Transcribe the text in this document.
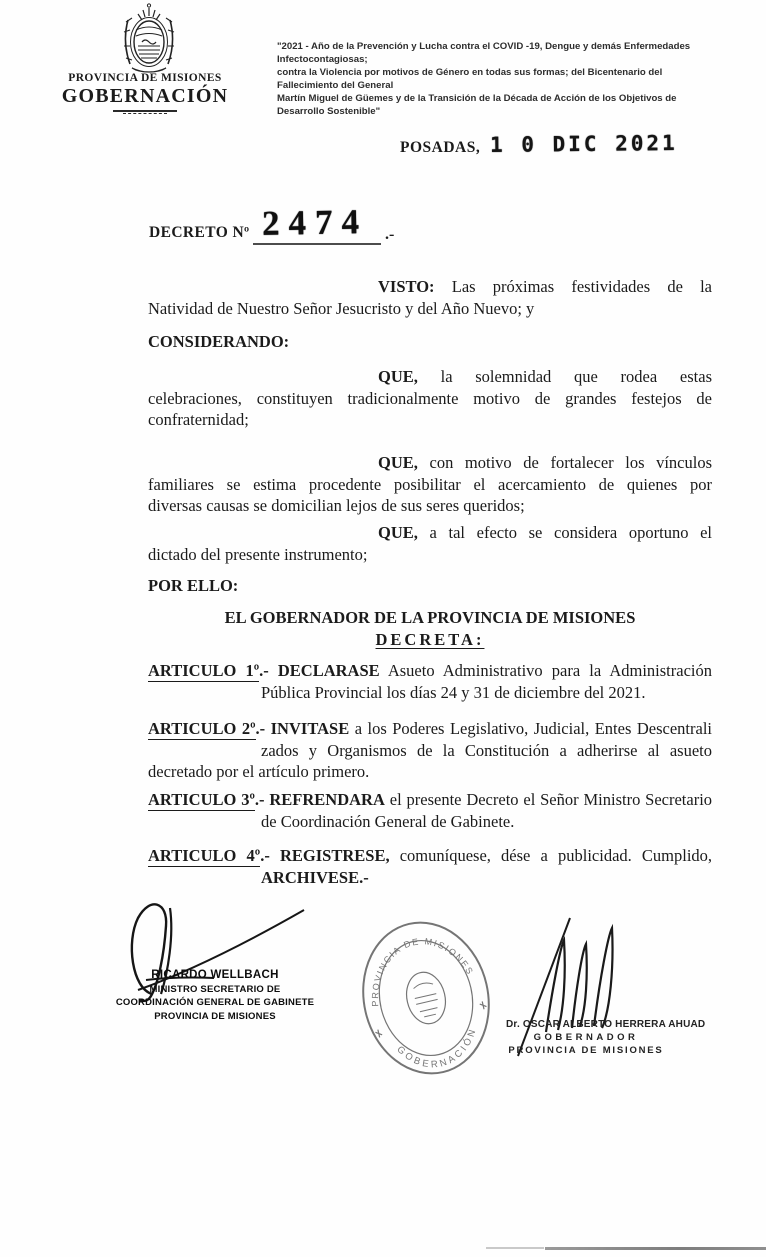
PROVINCIA DE MISIONES
GOBERNACIÓN
"2021 - Año de la Prevención y Lucha contra el COVID -19, Dengue y demás Enfermedades Infectocontagiosas;
contra la Violencia por motivos de Género en todas sus formas; del Bicentenario del Fallecimiento del General
Martín Miguel de Güemes y de la Transición de la Década de Acción de los Objetivos de Desarrollo Sostenible"
POSADAS, 1 0 DIC 2021
DECRETO Nº 2474 .-
VISTO: Las próximas festividades de la
Natividad de Nuestro Señor Jesucristo y del Año Nuevo; y
CONSIDERANDO:
QUE, la solemnidad que rodea estas
celebraciones, constituyen tradicionalmente motivo de grandes festejos de
confraternidad;
QUE, con motivo de fortalecer los vínculos
familiares se estima procedente posibilitar el acercamiento de quienes por
diversas causas se domicilian lejos de sus seres queridos;
QUE, a tal efecto se considera oportuno el
dictado del presente instrumento;
POR ELLO:
EL GOBERNADOR DE LA PROVINCIA DE MISIONES
DECRETA:
ARTICULO 1º.- DECLARASE Asueto Administrativo para la Administración
Pública Provincial los días 24 y 31 de diciembre del 2021.
ARTICULO 2º.- INVITASE a los Poderes Legislativo, Judicial, Entes Descentrali
zados y Organismos de la Constitución a adherirse al asueto
decretado por el artículo primero.
ARTICULO 3º.- REFRENDARA el presente Decreto el Señor Ministro Secretario
de Coordinación General de Gabinete.
ARTICULO 4º.- REGISTRESE, comuníquese, dése a publicidad. Cumplido,
ARCHIVESE.-
RICARDO WELLBACH
MINISTRO SECRETARIO DE
COORDINACIÓN GENERAL DE GABINETE
PROVINCIA DE MISIONES
PROVINCIA DE MISIONES
GOBERNACIÓN
Dr. OSCAR ALBERTO HERRERA AHUAD
GOBERNADOR
PROVINCIA DE MISIONES
